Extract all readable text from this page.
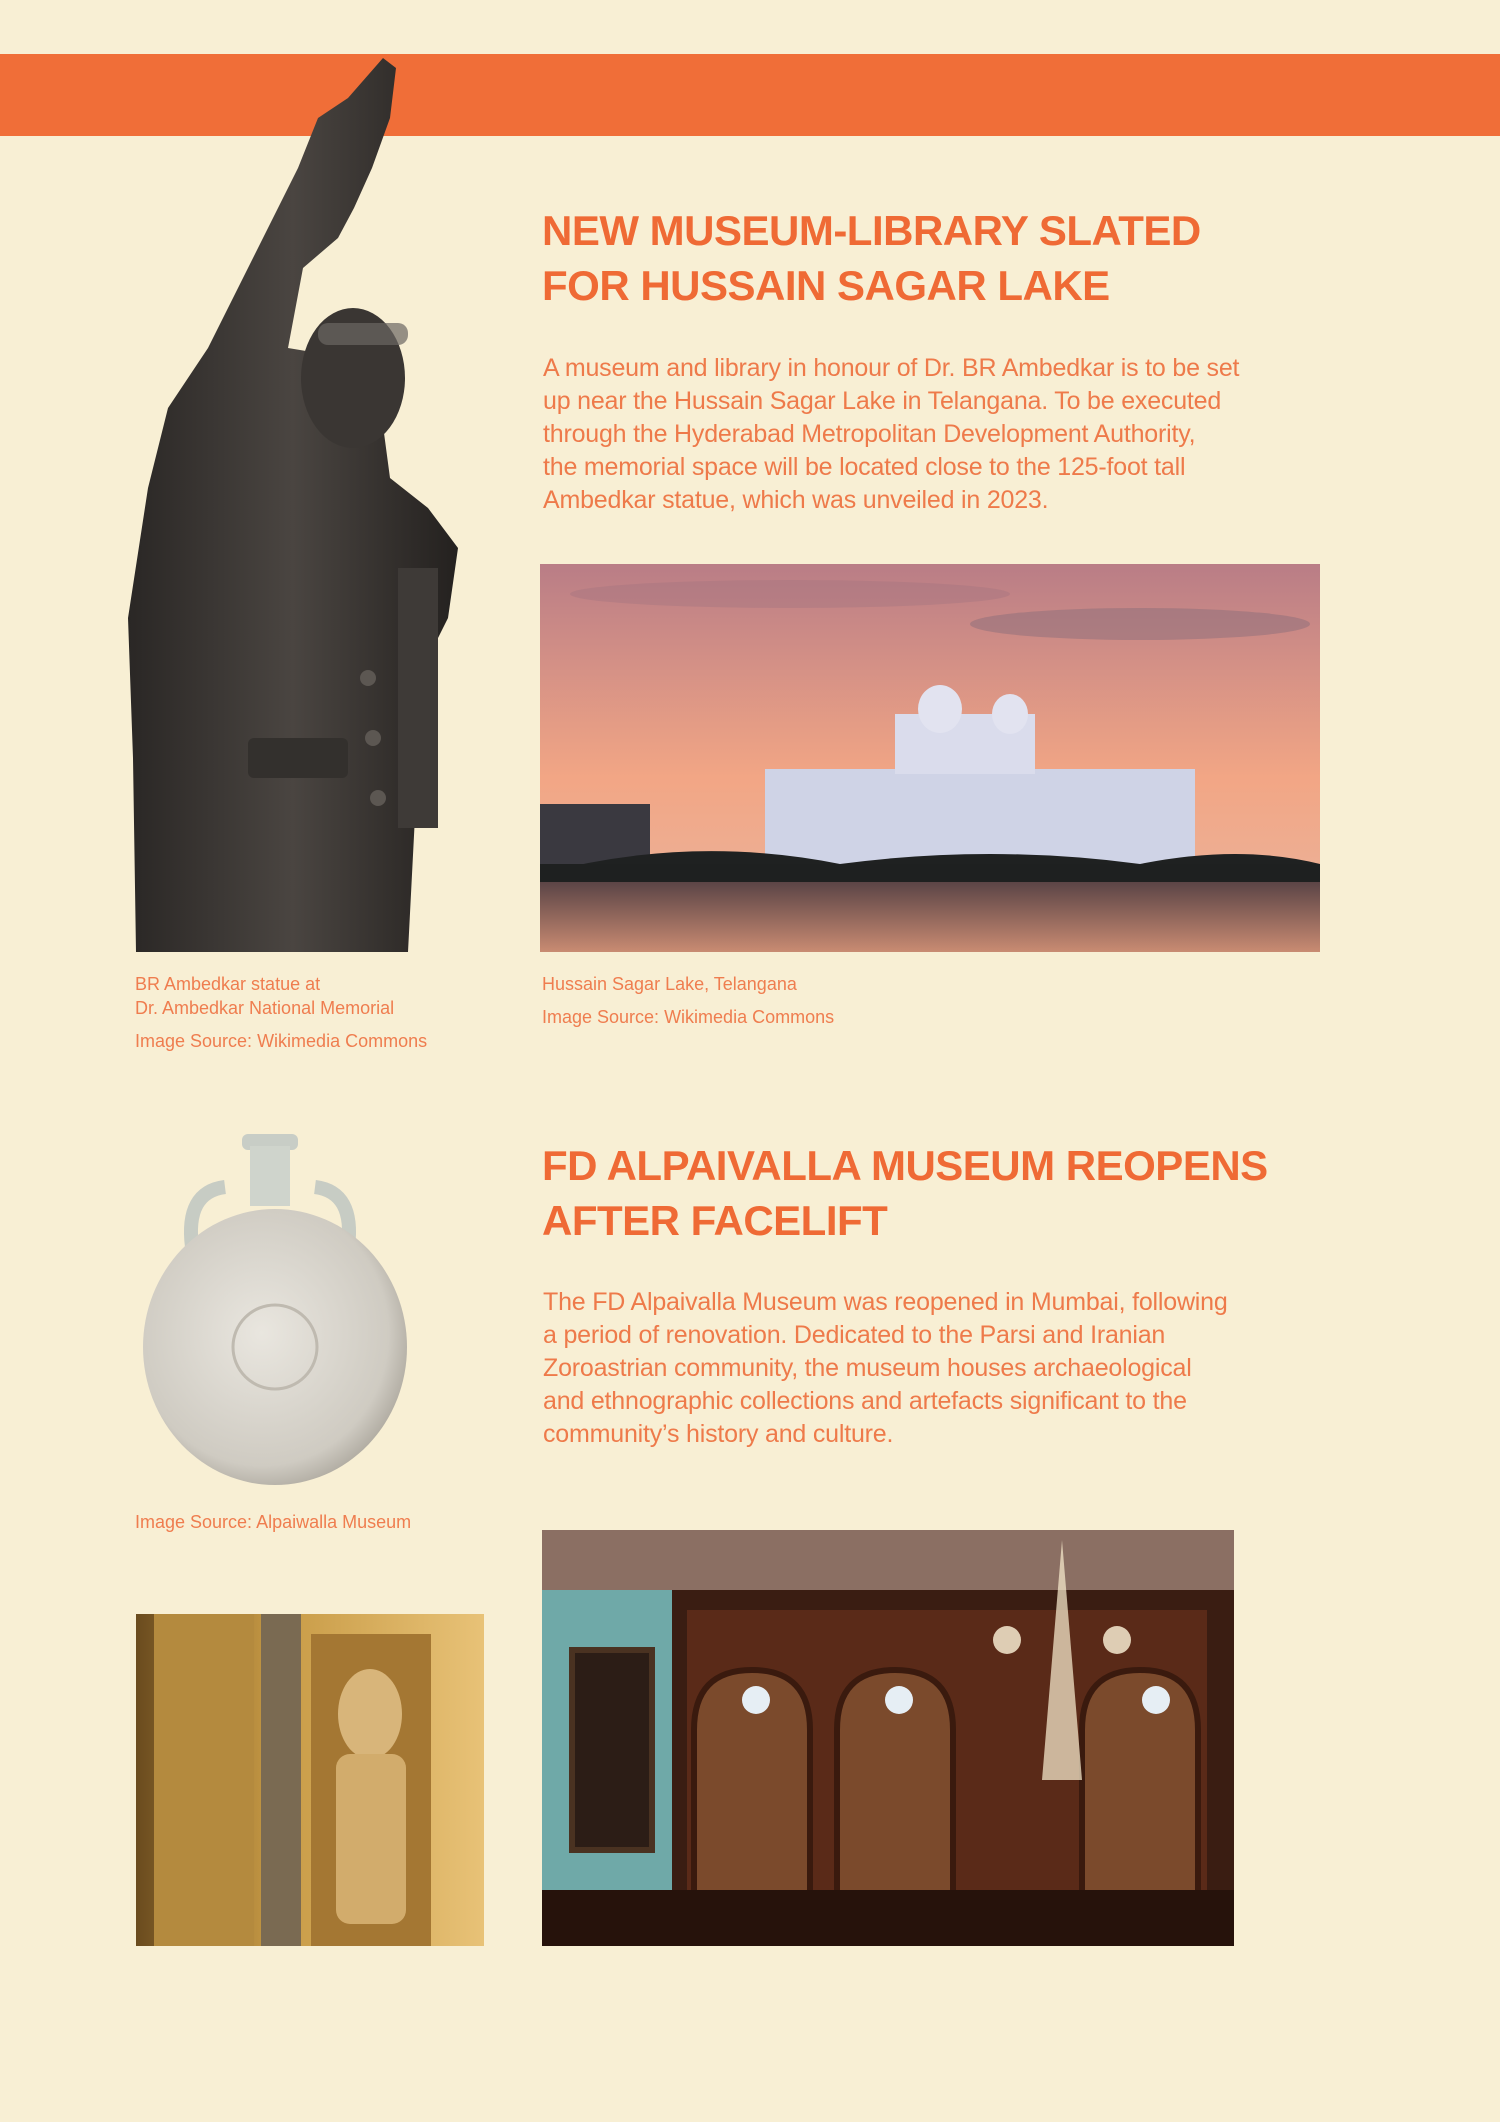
NEW MUSEUM-LIBRARY SLATED
FOR HUSSAIN SAGAR LAKE

A museum and library in honour of Dr. BR Ambedkar is to be set
up near the Hussain Sagar Lake in Telangana. To be executed
through the Hyderabad Metropolitan Development Authority,
the memorial space will be located close to the 125-foot tall
Ambedkar statue, which was unveiled in 2023.

BR Ambedkar statue at

Dr. Ambedkar National Memorial

Image Source: Wikimedia Commons

Hussain Sagar Lake, Telangana

Image Source: Wikimedia Commons

Image Source: Alpaiwalla Museum

FD ALPAIVALLA MUSEUM REOPENS
AFTER FACELIFT

The FD Alpaivalla Museum was reopened in Mumbai, following
a period of renovation. Dedicated to the Parsi and Iranian
Zoroastrian community, the museum houses archaeological
and ethnographic collections and artefacts significant to the
community’s history and culture.
